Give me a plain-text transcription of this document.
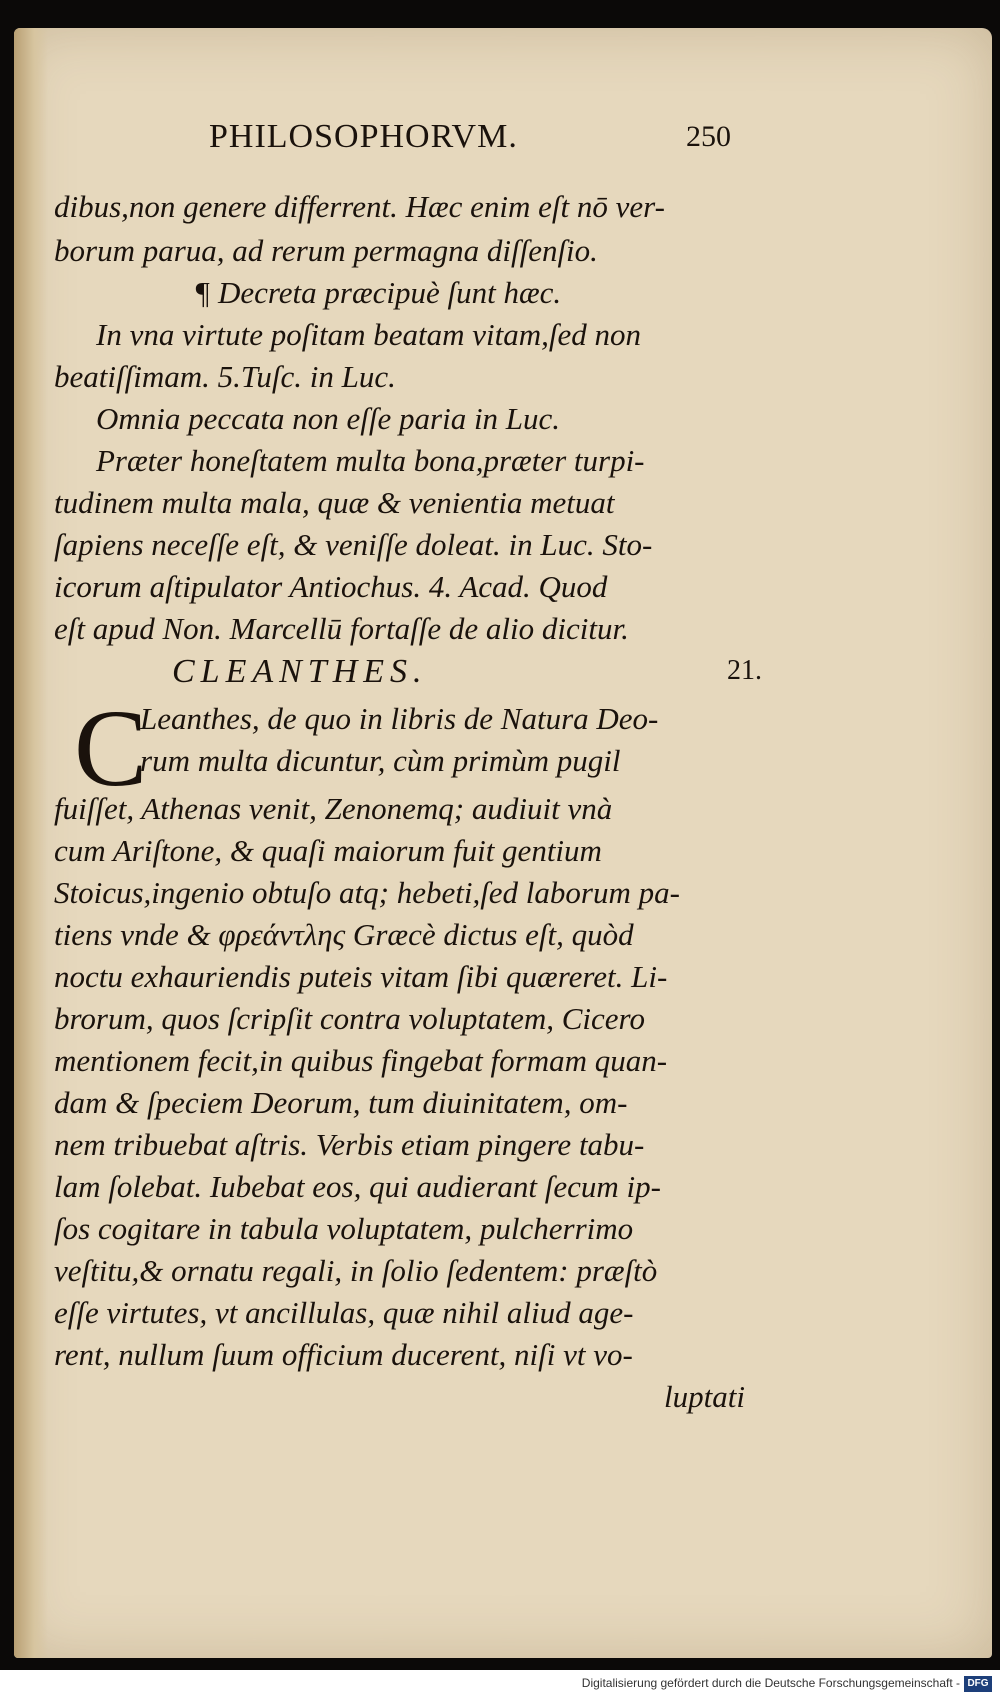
PHILOSOPHORVM.	250
dibus,non genere differrent. Hæc enim eſt nō ver-
borum parua, ad rerum permagna diſſenſio.
¶ Decreta præcipuè ſunt hæc.
In vna virtute poſitam beatam vitam,ſed non
beatiſſimam. 5.Tuſc. in Luc.
Omnia peccata non eſſe paria in Luc.
Præter honeſtatem multa bona,præter turpi-
tudinem multa mala, quæ & venientia metuat
ſapiens neceſſe eſt, & veniſſe doleat. in Luc. Sto-
icorum aſtipulator Antiochus. 4. Acad. Quod
eſt apud Non. Marcellū fortaſſe de alio dicitur.
CLEANTHES.	21.
C
Leanthes, de quo in libris de Natura Deo-
rum multa dicuntur, cùm primùm pugil
fuiſſet, Athenas venit, Zenonemq; audiuit vnà
cum Ariſtone, & quaſi maiorum fuit gentium
Stoicus,ingenio obtuſo atq; hebeti,ſed laborum pa-
tiens vnde & φρεάντλης Græcè dictus eſt, quòd
noctu exhauriendis puteis vitam ſibi quæreret. Li-
brorum, quos ſcripſit contra voluptatem, Cicero
mentionem fecit,in quibus fingebat formam quan-
dam & ſpeciem Deorum, tum diuinitatem, om-
nem tribuebat aſtris. Verbis etiam pingere tabu-
lam ſolebat. Iubebat eos, qui audierant ſecum ip-
ſos cogitare in tabula voluptatem, pulcherrimo
veſtitu,& ornatu regali, in ſolio ſedentem: præſtò
eſſe virtutes, vt ancillulas, quæ nihil aliud age-
rent, nullum ſuum officium ducerent, niſi vt vo-
luptati
Digitalisierung gefördert durch die Deutsche Forschungsgemeinschaft - DFG
